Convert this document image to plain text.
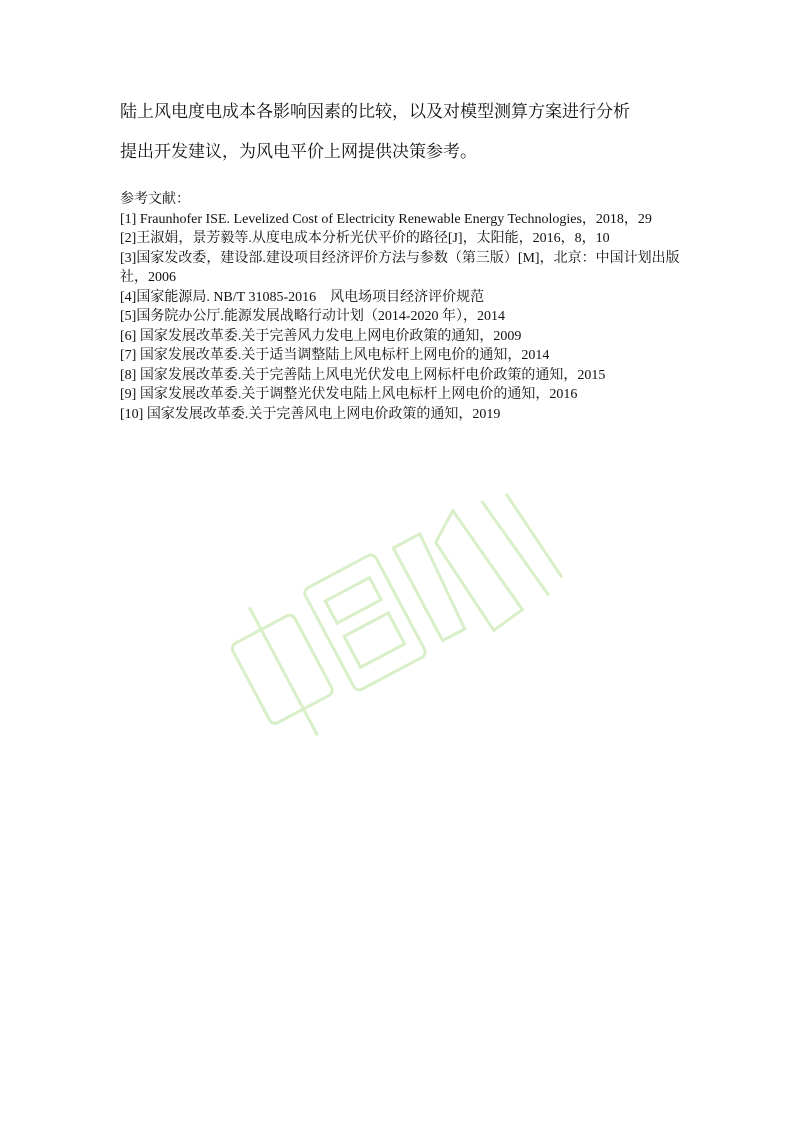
陆上风电度电成本各影响因素的比较，以及对模型测算方案进行分析

提出开发建议，为风电平价上网提供决策参考。

参考文献：

[1] Fraunhofer ISE. Levelized Cost of Electricity Renewable Energy Technologies，2018，29
[2]王淑娟，景芳毅等.从度电成本分析光伏平价的路径[J]，太阳能，2016，8，10
[3]国家发改委，建设部.建设项目经济评价方法与参数（第三版）[M]，北京：中国计划出版社，2006
[4]国家能源局. NB/T 31085-2016　风电场项目经济评价规范
[5]国务院办公厅.能源发展战略行动计划（2014-2020 年），2014
[6] 国家发展改革委.关于完善风力发电上网电价政策的通知，2009
[7] 国家发展改革委.关于适当调整陆上风电标杆上网电价的通知，2014
[8] 国家发展改革委.关于完善陆上风电光伏发电上网标杆电价政策的通知，2015
[9] 国家发展改革委.关于调整光伏发电陆上风电标杆上网电价的通知，2016
[10] 国家发展改革委.关于完善风电上网电价政策的通知，2019
